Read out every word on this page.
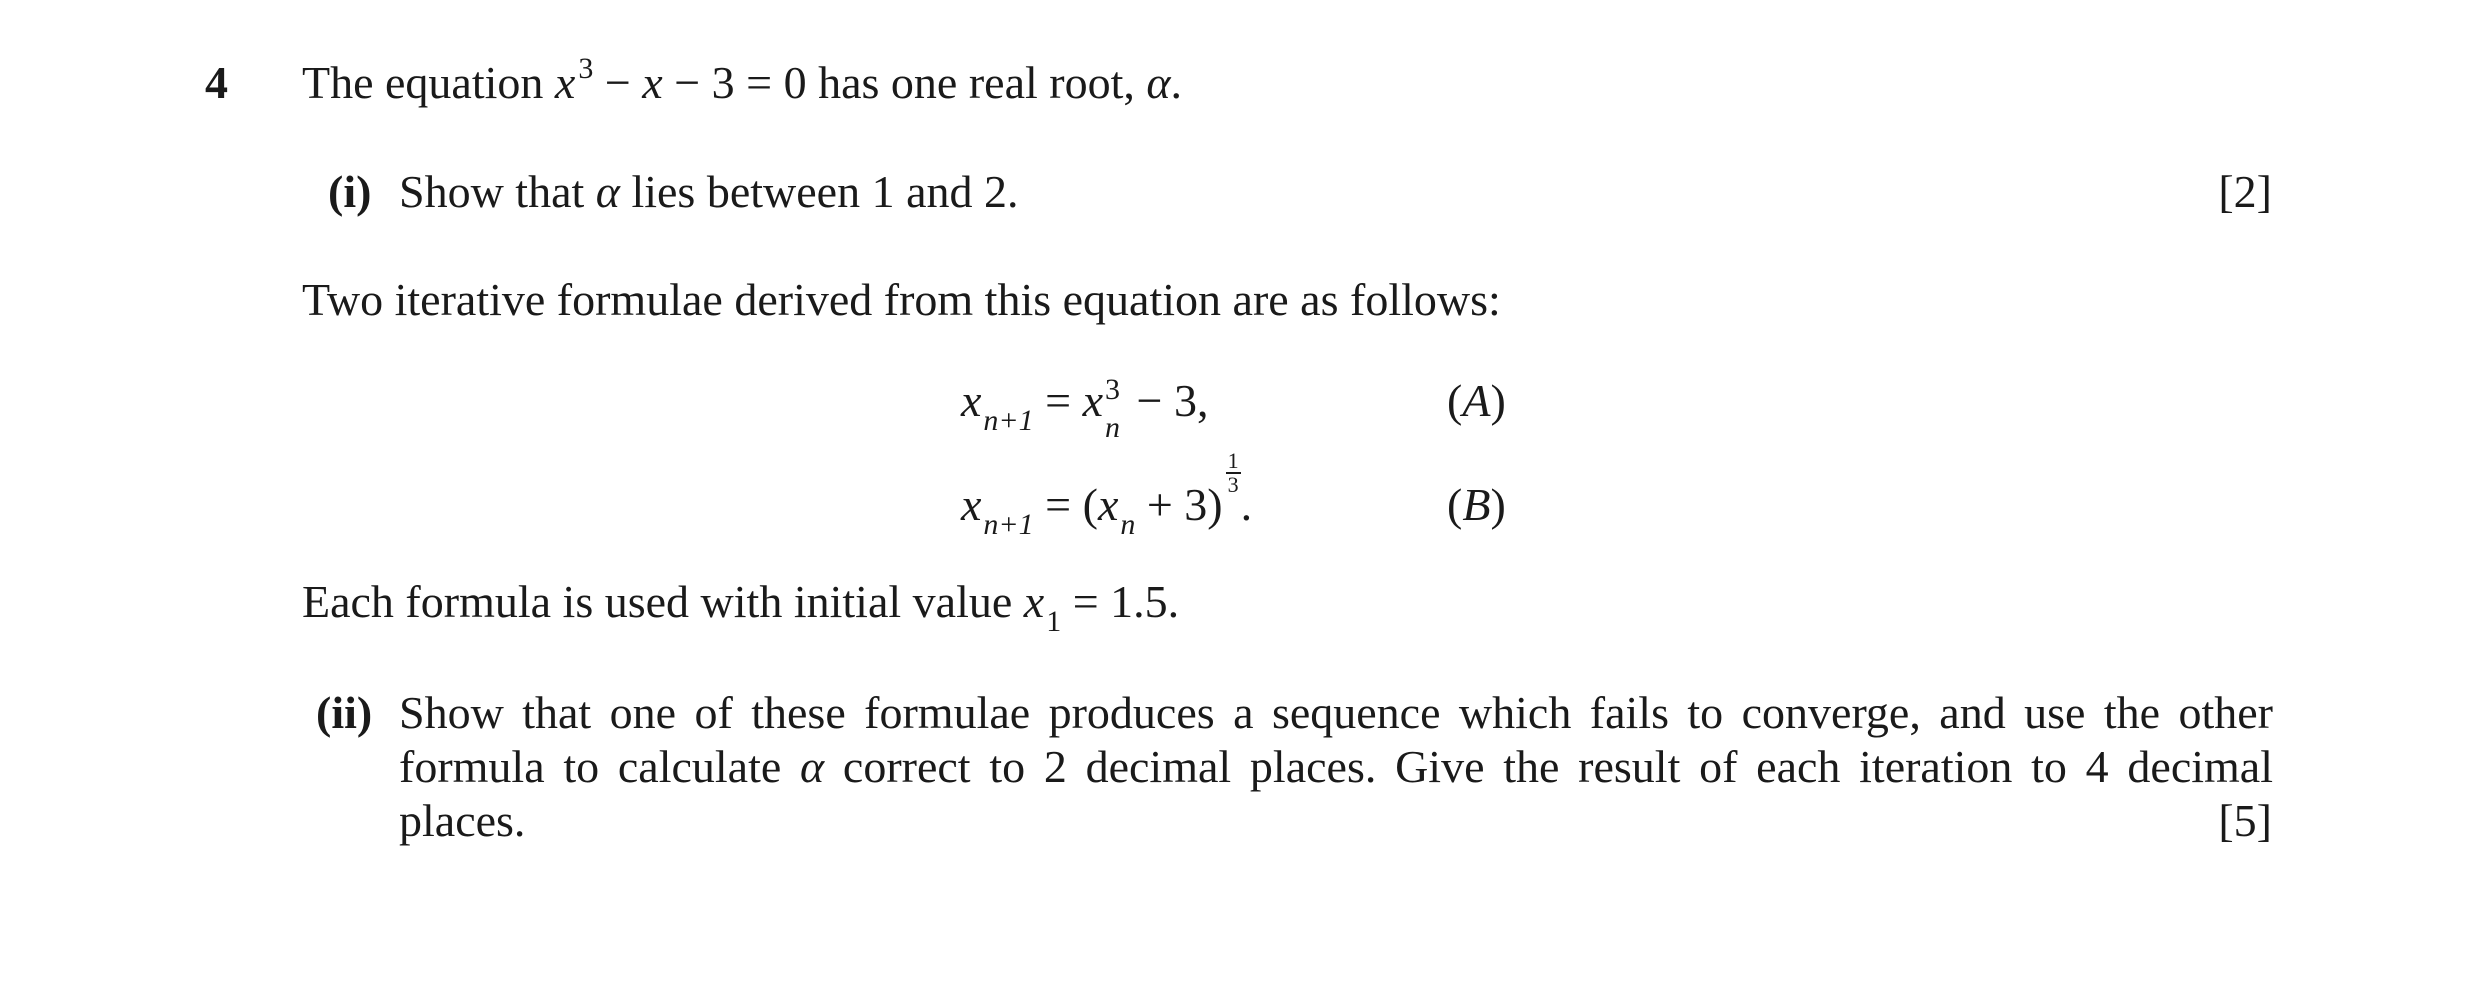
4 The equation x $^3$ − x − 3 = 0 has one real root, α.
(i) Show that α lies between 1 and 2.	[2]
Two iterative formulae derived from this equation are as follows:
$x_{n+1} = x$ 3
n
− 3,	(A)
$x_{n+1} = (x_n + 3)$
$\frac{1}{3}$
.	(B)
Each formula is used with initial value $x_1 = 1.5$.
(ii) Show that one of these formulae produces a sequence which fails to converge, and use the other
formula to calculate α correct to 2 decimal places. Give the result of each iteration to 4 decimal
places.	[5]
